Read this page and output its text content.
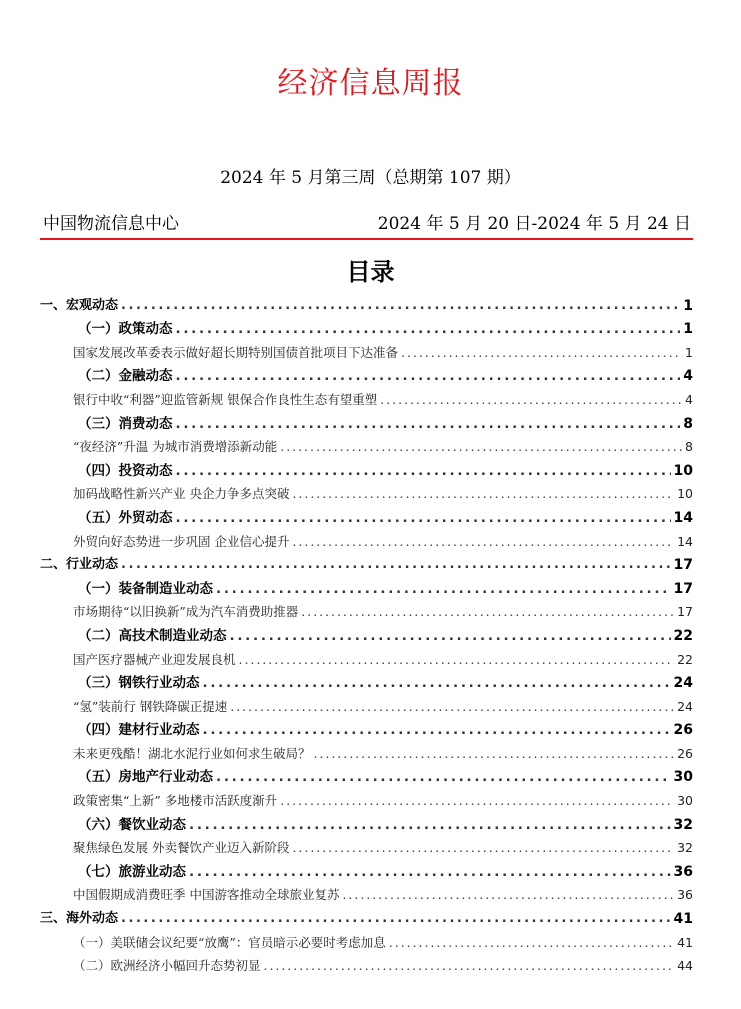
经济信息周报
2024 年 5 月第三周（总期第 107 期）
中国物流信息中心	2024 年 5 月 20 日-2024 年 5 月 24 日
目录
一、宏观动态 . . .	1
（一）政策动态 . . .	1
国家发展改革委表示做好超长期特别国债首批项目下达准备 . . .	1
（二）金融动态 . . .	4
银行中收“利器”迎监管新规 银保合作良性生态有望重塑 . . .	4
（三）消费动态 . . .	8
“夜经济”升温 为城市消费增添新动能 . . .	8
（四）投资动态 . . .	10
加码战略性新兴产业 央企力争多点突破 . . .	10
（五）外贸动态 . . .	14
外贸向好态势进一步巩固 企业信心提升 . . .	14
二、行业动态 . . .	17
（一）装备制造业动态 . . .	17
市场期待“以旧换新”成为汽车消费助推器 . . .	17
（二）高技术制造业动态 . . .	22
国产医疗器械产业迎发展良机 . . .	22
（三）钢铁行业动态 . . .	24
“氢”装前行 钢铁降碳正提速 . . .	24
（四）建材行业动态 . . .	26
未来更残酷！湖北水泥行业如何求生破局？ . . .	26
（五）房地产行业动态 . . .	30
政策密集“上新” 多地楼市活跃度渐升 . . .	30
（六）餐饮业动态 . . .	32
聚焦绿色发展 外卖餐饮产业迈入新阶段 . . .	32
（七）旅游业动态 . . .	36
中国假期成消费旺季 中国游客推动全球旅业复苏 . . .	36
三、海外动态 . . .	41
（一）美联储会议纪要“放鹰”：官员暗示必要时考虑加息 . . .	41
（二）欧洲经济小幅回升态势初显 . . .	44
